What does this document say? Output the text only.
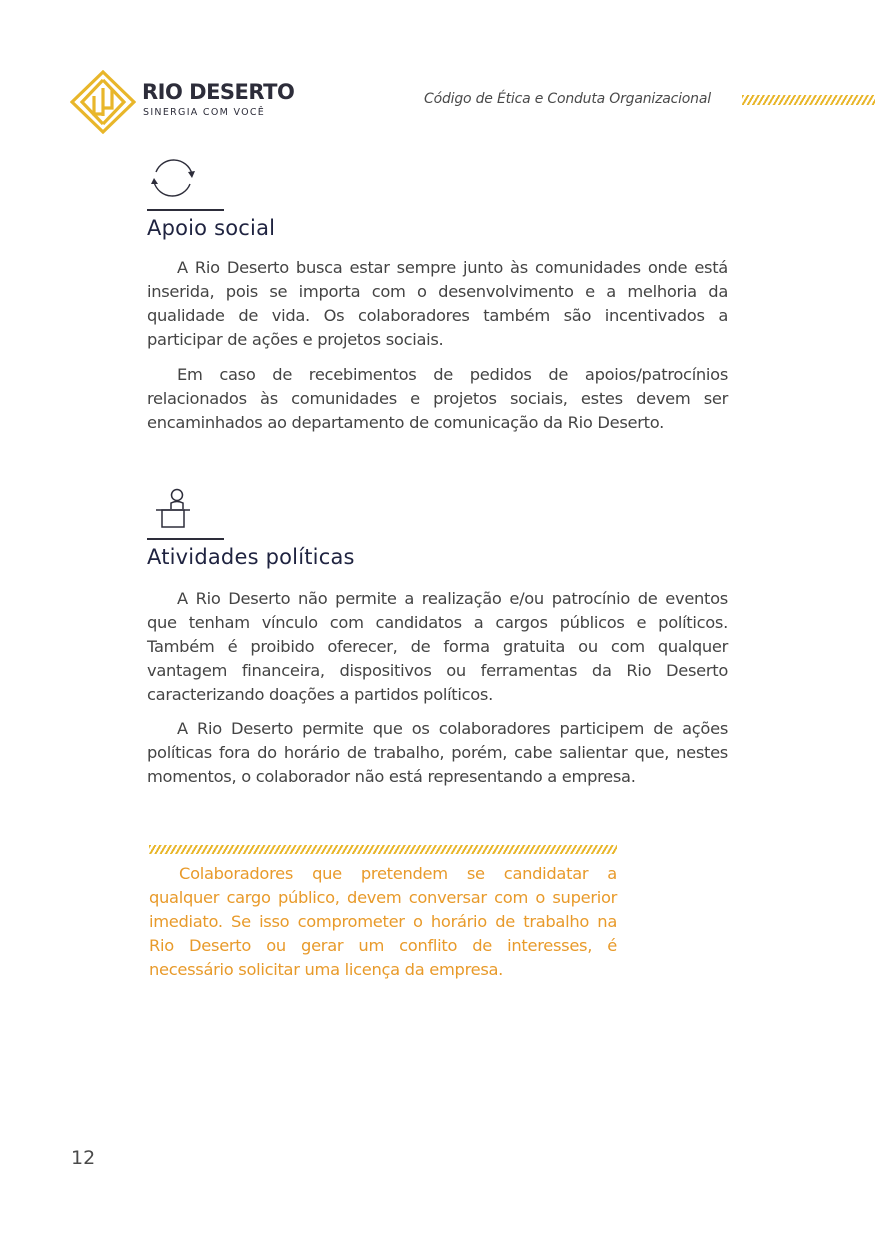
RIO DESERTO
SINERGIA COM VOCÊ
Código de Ética e Conduta Organizacional
Apoio social

A Rio Deserto busca estar sempre junto às comunidades onde está inserida, pois se importa com o desenvolvimento e a melhoria da qualidade de vida. Os colaboradores também são incentivados a participar de ações e projetos sociais.

Em caso de recebimentos de pedidos de apoios/patrocínios relacionados às comunidades e projetos sociais, estes devem ser encaminhados ao departamento de comunicação da Rio Deserto.

Atividades políticas

A Rio Deserto não permite a realização e/ou patrocínio de eventos que tenham vínculo com candidatos a cargos públicos e políticos. Também é proibido oferecer, de forma gratuita ou com qualquer vantagem financeira, dispositivos ou ferramentas da Rio Deserto caracterizando doações a partidos políticos.

A Rio Deserto permite que os colaboradores participem de ações políticas fora do horário de trabalho, porém, cabe salientar que, nestes momentos, o colaborador não está representando a empresa.

Colaboradores que pretendem se candidatar a qualquer cargo público, devem conversar com o superior imediato. Se isso comprometer o horário de trabalho na Rio Deserto ou gerar um conflito de interesses, é necessário solicitar uma licença da empresa.

12
